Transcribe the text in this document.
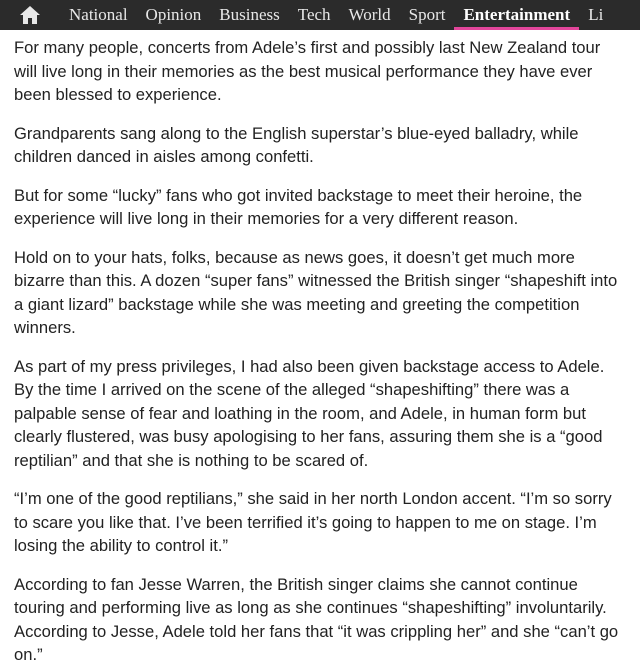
National	Opinion	Business	Tech	World	Sport	Entertainment	Li

For many people, concerts from Adele’s first and possibly last New Zealand tour will live long in their memories as the best musical performance they have ever been blessed to experience.

Grandparents sang along to the English superstar’s blue-eyed balladry, while children danced in aisles among confetti.

But for some “lucky” fans who got invited backstage to meet their heroine, the experience will live long in their memories for a very different reason.

Hold on to your hats, folks, because as news goes, it doesn’t get much more bizarre than this. A dozen “super fans” witnessed the British singer “shapeshift into a giant lizard” backstage while she was meeting and greeting the competition winners.

As part of my press privileges, I had also been given backstage access to Adele. By the time I arrived on the scene of the alleged “shapeshifting” there was a palpable sense of fear and loathing in the room, and Adele, in human form but clearly flustered, was busy apologising to her fans, assuring them she is a “good reptilian” and that she is nothing to be scared of.

“I’m one of the good reptilians,” she said in her north London accent. “I’m so sorry to scare you like that. I’ve been terrified it’s going to happen to me on stage. I’m losing the ability to control it.”

According to fan Jesse Warren, the British singer claims she cannot continue touring and performing live as long as she continues “shapeshifting” involuntarily. According to Jesse, Adele told her fans that “it was crippling her” and she “can’t go on.”
